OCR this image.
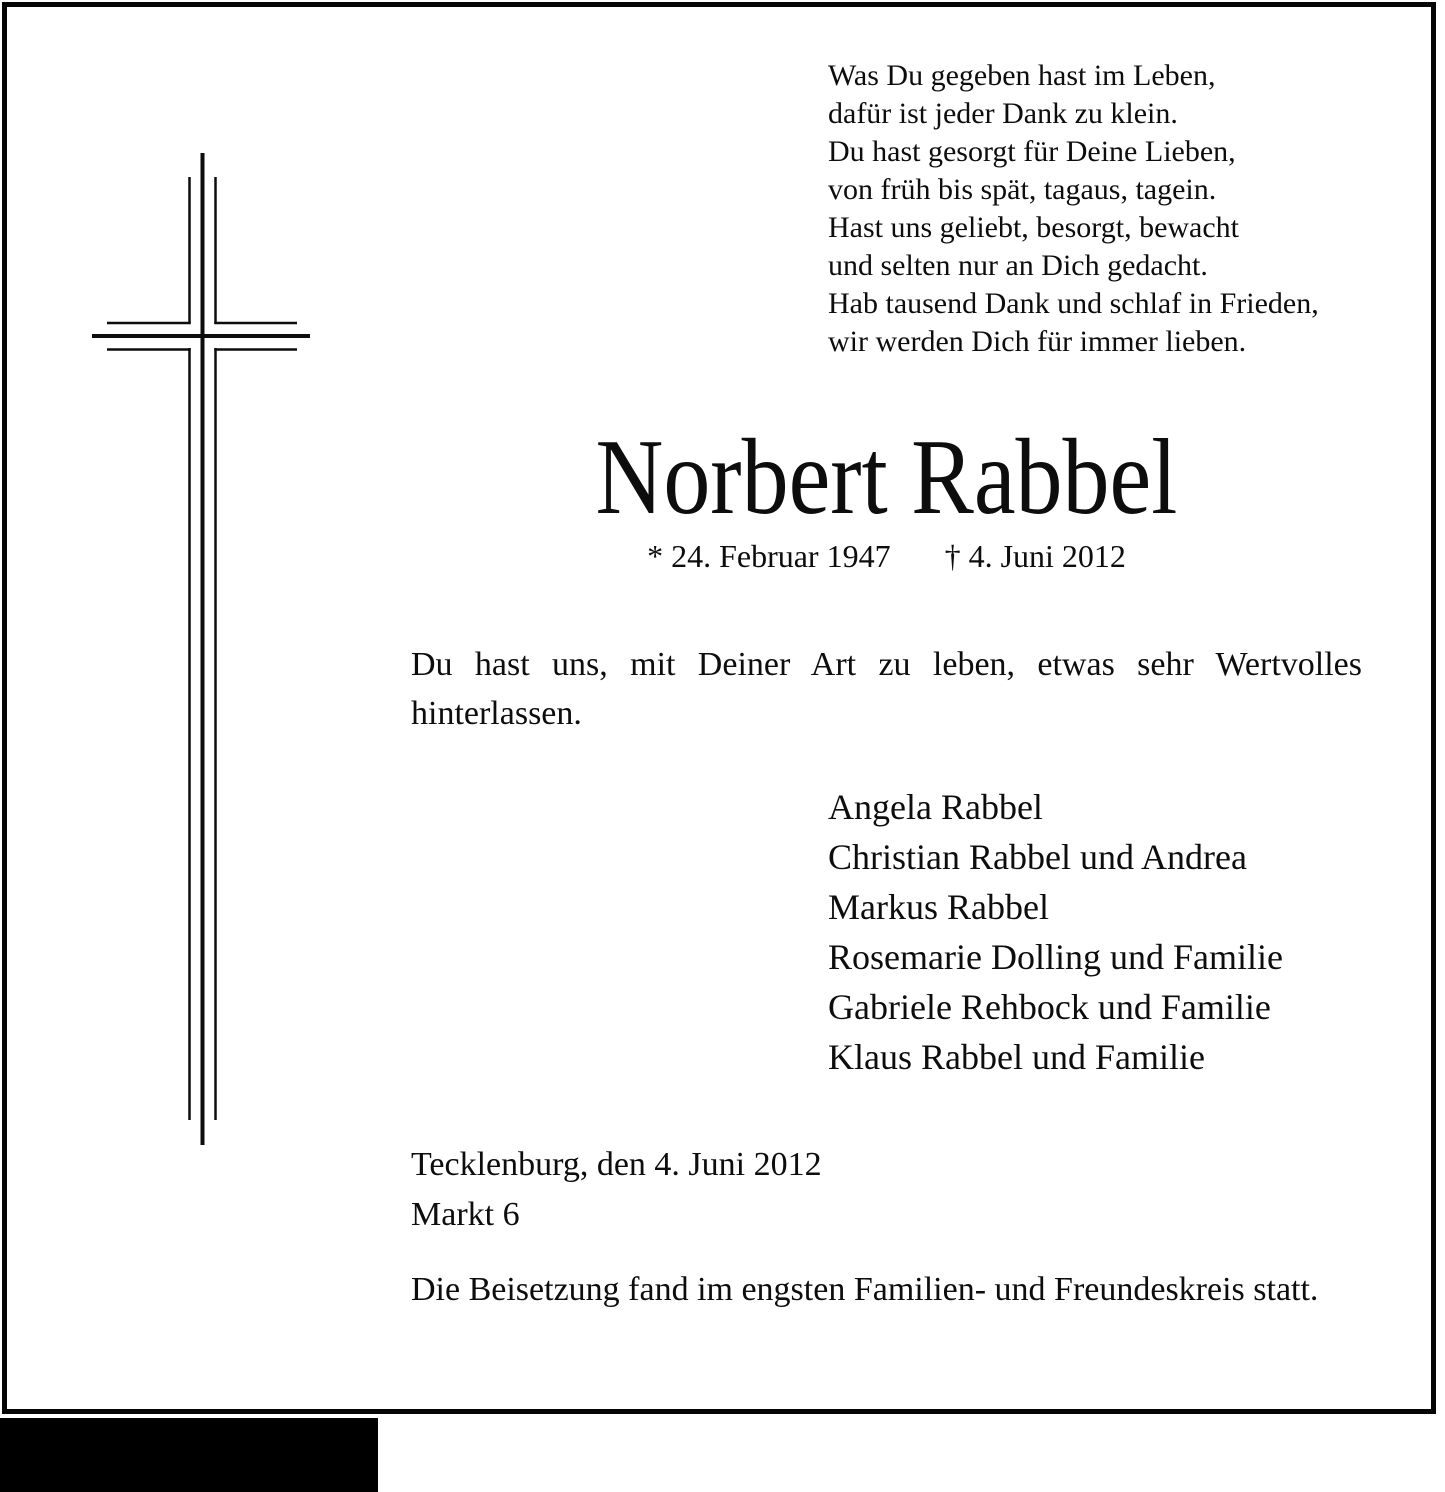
Was Du gegeben hast im Leben,
dafür ist jeder Dank zu klein.
Du hast gesorgt für Deine Lieben,
von früh bis spät, tagaus, tagein.
Hast uns geliebt, besorgt, bewacht
und selten nur an Dich gedacht.
Hab tausend Dank und schlaf in Frieden,
wir werden Dich für immer lieben.
Norbert Rabbel
* 24. Februar 1947 † 4. Juni 2012

Du hast uns, mit Deiner Art zu leben, etwas sehr Wertvolles hinterlassen.

Angela Rabbel
Christian Rabbel und Andrea
Markus Rabbel
Rosemarie Dolling und Familie
Gabriele Rehbock und Familie
Klaus Rabbel und Familie
Tecklenburg, den 4. Juni 2012
Markt 6

Die Beisetzung fand im engsten Familien- und Freundeskreis statt.
